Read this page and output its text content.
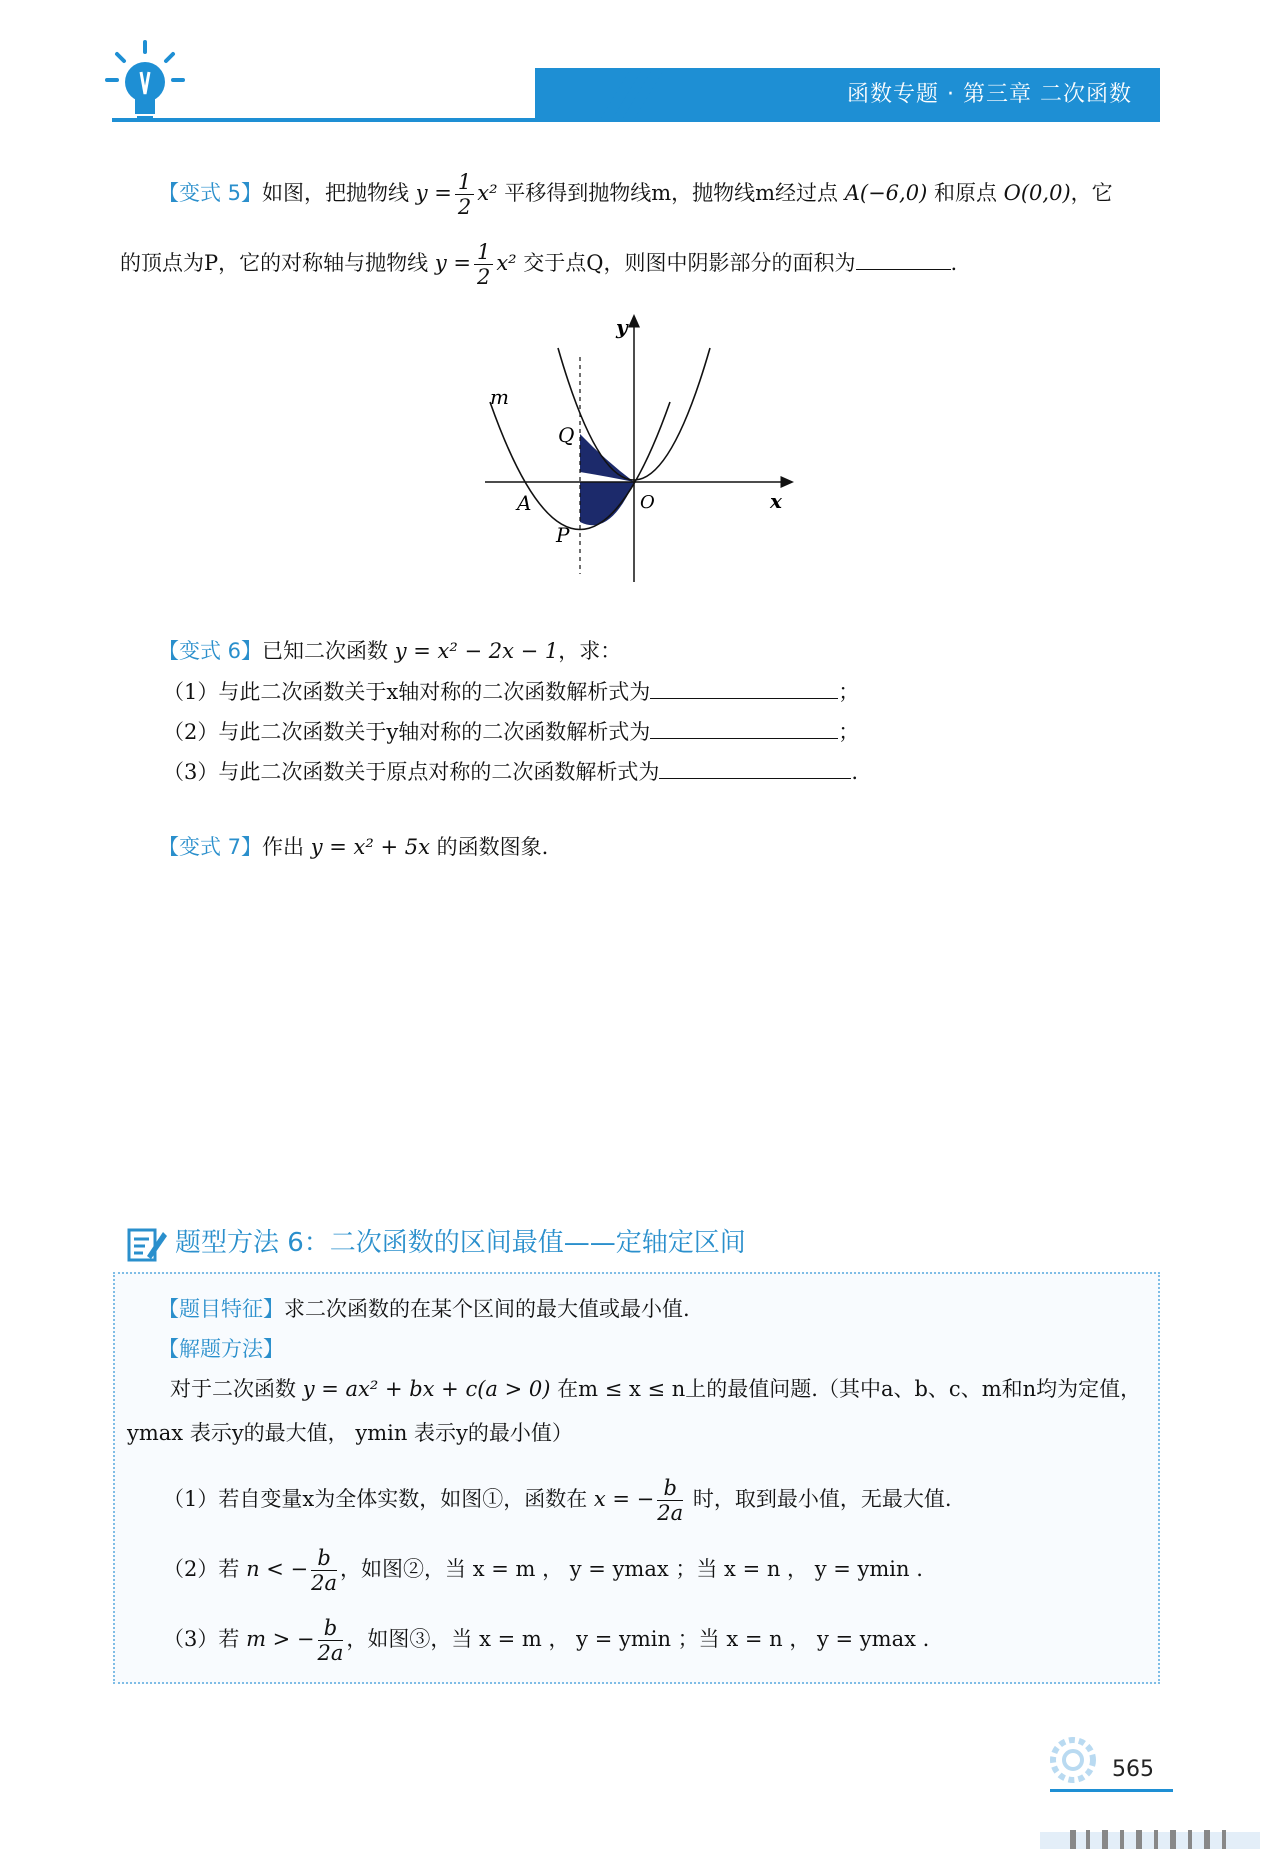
函数专题 · 第三章 二次函数
【变式 5】如图，把抛物线 $y = \frac{1}{2} x^2$ 平移得到抛物线m，抛物线m经过点 A(−6,0) 和原点 O(0,0)，它
的顶点为P，它的对称轴与抛物线 $y = \frac{1}{2} x^2$ 交于点Q，则图中阴影部分的面积为	.
m
Q
A	O	x
y
P
【变式 6】已知二次函数 y = x² − 2x − 1，求：
（1）与此二次函数关于x轴对称的二次函数解析式为	；
（2）与此二次函数关于y轴对称的二次函数解析式为	；
（3）与此二次函数关于原点对称的二次函数解析式为	.
【变式 7】作出 y = x² + 5x 的函数图象.
题型方法 6：二次函数的区间最值——定轴定区间
【题目特征】求二次函数的在某个区间的最大值或最小值.
【解题方法】
对于二次函数 y = ax² + bx + c(a > 0) 在m ≤ x ≤ n上的最值问题.（其中a、b、c、m和n均为定值，
ymax 表示y的最大值， ymin 表示y的最小值）
（1）若自变量x为全体实数，如图①，函数在 x = − $\frac{b}{2a}$ 时，取到最小值，无最大值.
（2）若 n < − $\frac{b}{2a}$ ，如图②，当 x = m ， y = ymax ；当 x = n ， y = ymin .
（3）若 m > − $\frac{b}{2a}$ ，如图③，当 x = m ， y = ymin ；当 x = n ， y = ymax .
565
